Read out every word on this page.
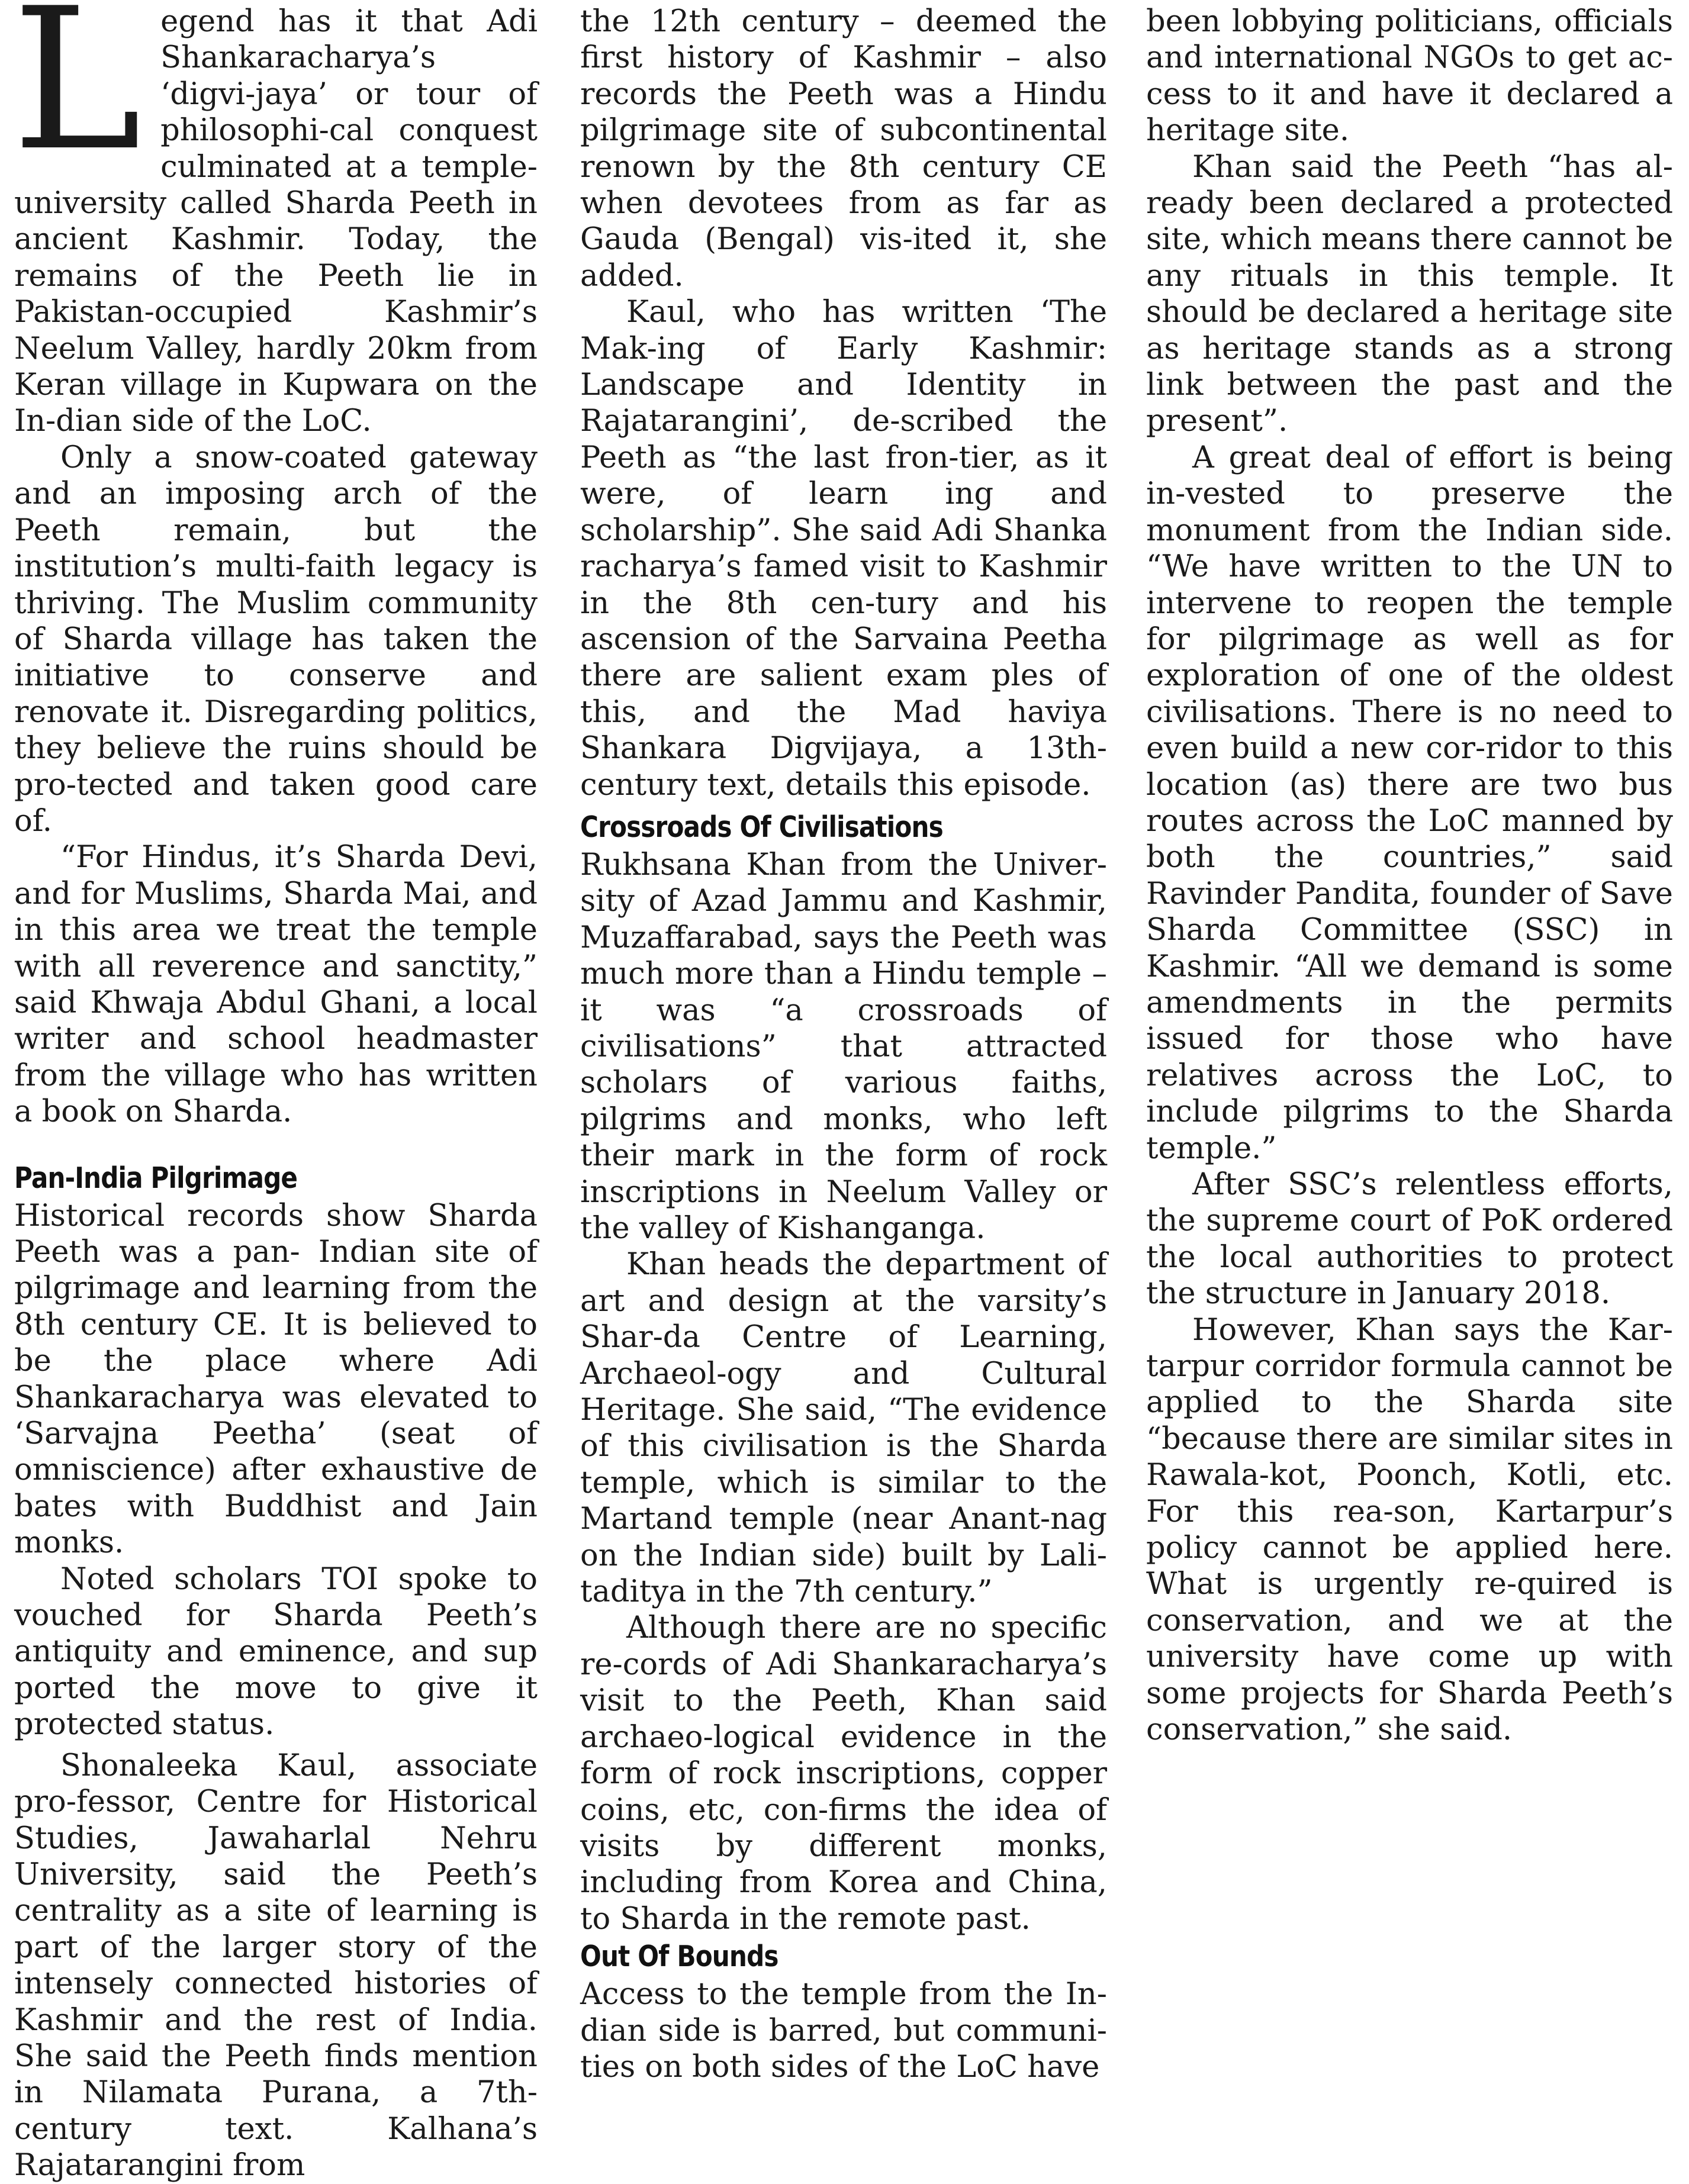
Legend has it that Adi Shankaracharya’s ‘digvi-jaya’ or tour of philosophi-cal conquest culminated at a temple-university called Sharda Peeth in ancient Kashmir. Today, the remains of the Peeth lie in Pakistan-occupied Kashmir’s Neelum Valley, hardly 20km from Keran village in Kupwara on the In-dian side of the LoC.

Only a snow-coated gateway and an imposing arch of the Peeth remain, but the institution’s multi-faith legacy is thriving. The Muslim community of Sharda village has taken the initiative to conserve and renovate it. Disregarding politics, they believe the ruins should be pro-tected and taken good care of.

“For Hindus, it’s Sharda Devi, and for Muslims, Sharda Mai, and in this area we treat the temple with all reverence and sanctity,” said Khwaja Abdul Ghani, a local writer and school headmaster from the village who has written a book on Sharda.

Pan-India Pilgrimage

Historical records show Sharda Peeth was a pan- Indian site of pilgrimage and learning from the 8th century CE. It is believed to be the place where Adi Shankaracharya was elevated to ‘Sarvajna Peetha’ (seat of omniscience) after exhaustive de bates with Buddhist and Jain monks.

Noted scholars TOI spoke to vouched for Sharda Peeth’s antiquity and eminence, and sup ported the move to give it protected status.

Shonaleeka Kaul, associate pro-fessor, Centre for Historical Studies, Jawaharlal Nehru University, said the Peeth’s centrality as a site of learning is part of the larger story of the intensely connected histories of Kashmir and the rest of India. She said the Peeth finds mention in Nilamata Purana, a 7th-century text. Kalhana’s Rajatarangini from

the 12th century – deemed the first history of Kashmir – also records the Peeth was a Hindu pilgrimage site of subcontinental renown by the 8th century CE when devotees from as far as Gauda (Bengal) vis-ited it, she added.

Kaul, who has written ‘The Mak-ing of Early Kashmir: Landscape and Identity in Rajatarangini’, de-scribed the Peeth as “the last fron-tier, as it were, of learn ing and scholarship”. She said Adi Shanka racharya’s famed visit to Kashmir in the 8th cen-tury and his ascension of the Sarvaina Peetha there are salient exam ples of this, and the Mad haviya Shankara Digvijaya, a 13th- century text, details this episode.

Crossroads Of Civilisations

Rukhsana Khan from the Univer-sity of Azad Jammu and Kashmir, Muzaffarabad, says the Peeth was much more than a Hindu temple – it was “a crossroads of civilisations” that attracted scholars of various faiths, pilgrims and monks, who left their mark in the form of rock inscriptions in Neelum Valley or the valley of Kishanganga.

Khan heads the department of art and design at the varsity’s Shar-da Centre of Learning, Archaeol-ogy and Cultural Heritage. She said, “The evidence of this civilisation is the Sharda temple, which is similar to the Martand temple (near Anant-nag on the Indian side) built by Lali-taditya in the 7th century.”

Although there are no specific re-cords of Adi Shankaracharya’s visit to the Peeth, Khan said archaeo-logical evidence in the form of rock inscriptions, copper coins, etc, con-firms the idea of visits by different monks, including from Korea and China, to Sharda in the remote past.

Out Of Bounds

Access to the temple from the In-dian side is barred, but communi-ties on both sides of the LoC have

been lobbying politicians, officials and international NGOs to get ac-cess to it and have it declared a heritage site.

Khan said the Peeth “has al-ready been declared a protected site, which means there cannot be any rituals in this temple. It should be declared a heritage site as heritage stands as a strong link between the past and the present”.

A great deal of effort is being in-vested to preserve the monument from the Indian side. “We have written to the UN to intervene to reopen the temple for pilgrimage as well as for exploration of one of the oldest civilisations. There is no need to even build a new cor-ridor to this location (as) there are two bus routes across the LoC manned by both the countries,” said Ravinder Pandita, founder of Save Sharda Committee (SSC) in Kashmir. “All we demand is some amendments in the permits issued for those who have relatives across the LoC, to include pilgrims to the Sharda temple.”

After SSC’s relentless efforts, the supreme court of PoK ordered the local authorities to protect the structure in January 2018.

However, Khan says the Kar-tarpur corridor formula cannot be applied to the Sharda site “because there are similar sites in Rawala-kot, Poonch, Kotli, etc. For this rea-son, Kartarpur’s policy cannot be applied here. What is urgently re-quired is conservation, and we at the university have come up with some projects for Sharda Peeth’s conservation,” she said.
